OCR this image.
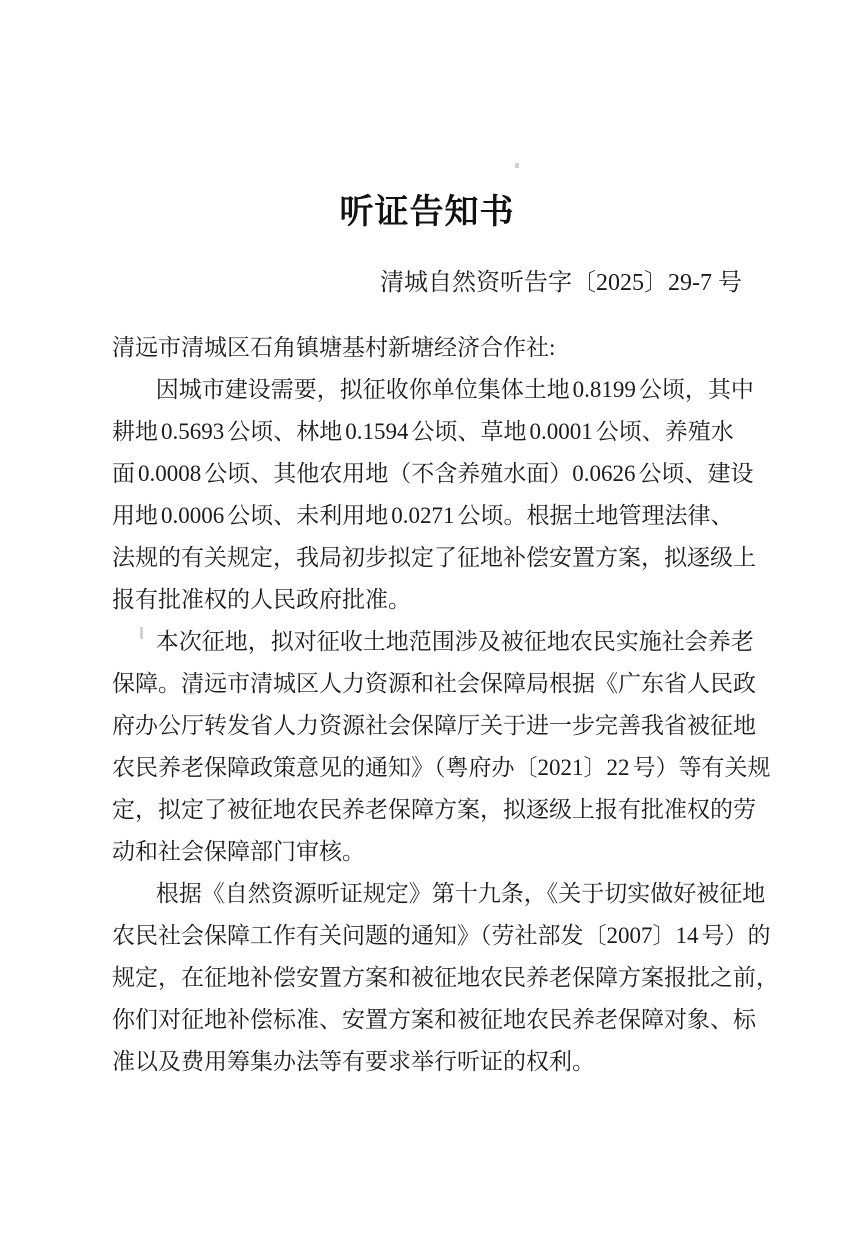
听证告知书
清城自然资听告字〔2025〕29-7 号
清远市清城区石角镇塘基村新塘经济合作社:

因城市建设需要，拟征收你单位集体土地 0.8199 公顷，其中
耕地 0.5693 公顷、林地 0.1594 公顷、草地 0.0001 公顷、养殖水
面 0.0008 公顷、其他农用地（不含养殖水面）0.0626 公顷、建设
用地 0.0006 公顷、未利用地 0.0271 公顷。根据土地管理法律、
法规的有关规定，我局初步拟定了征地补偿安置方案，拟逐级上
报有批准权的人民政府批准。

本次征地，拟对征收土地范围涉及被征地农民实施社会养老
保障。清远市清城区人力资源和社会保障局根据《广东省人民政
府办公厅转发省人力资源社会保障厅关于进一步完善我省被征地
农民养老保障政策意见的通知》（粤府办〔2021〕22 号）等有关规
定，拟定了被征地农民养老保障方案，拟逐级上报有批准权的劳
动和社会保障部门审核。

根据《自然资源听证规定》第十九条，《关于切实做好被征地
农民社会保障工作有关问题的通知》（劳社部发〔2007〕14 号）的
规定，在征地补偿安置方案和被征地农民养老保障方案报批之前，
你们对征地补偿标准、安置方案和被征地农民养老保障对象、标
准以及费用筹集办法等有要求举行听证的权利。
